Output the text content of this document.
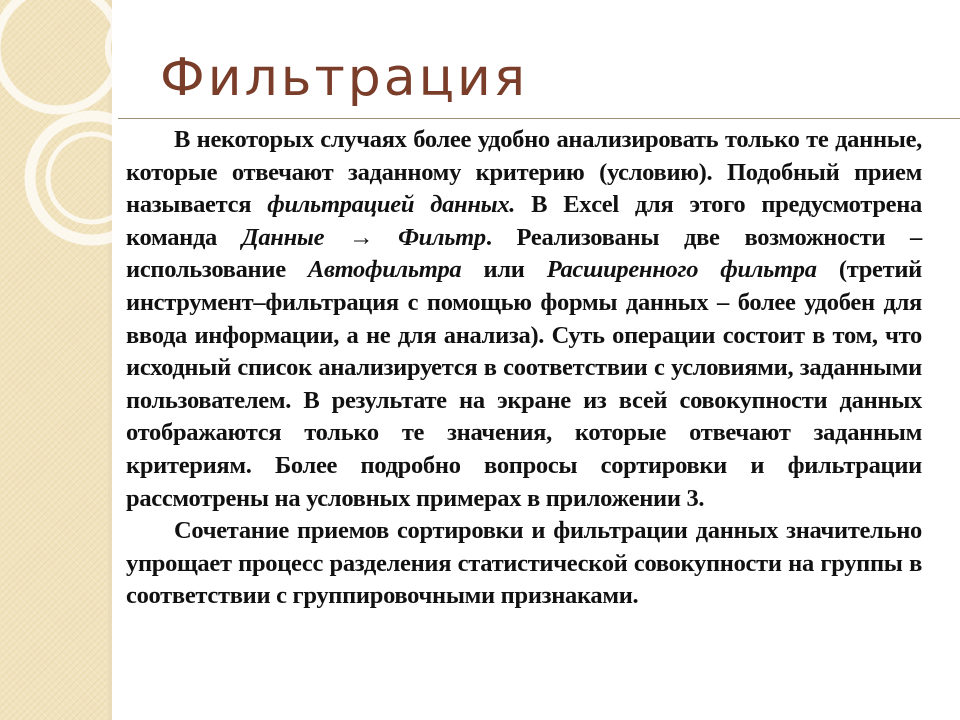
Фильтрация

В некоторых случаях более удобно анализировать только те данные, которые отвечают заданному критерию (условию). Подобный прием называется фильтрацией данных. В Excel для этого предусмотрена команда Данные → Фильтр. Реализованы две возможности – использование Автофильтра или Расширенного фильтра (третий инструмент–фильтрация с помощью формы данных – более удобен для ввода информации, а не для анализа). Суть операции состоит в том, что исходный список анализируется в соответствии с условиями, заданными пользователем. В результате на экране из всей совокупности данных отображаются только те значения, которые отвечают заданным критериям. Более подробно вопросы сортировки и фильтрации рассмотрены на условных примерах в приложении 3.

Сочетание приемов сортировки и фильтрации данных значительно упрощает процесс разделения статистической совокупности на группы в соответствии с группировочными признаками.
